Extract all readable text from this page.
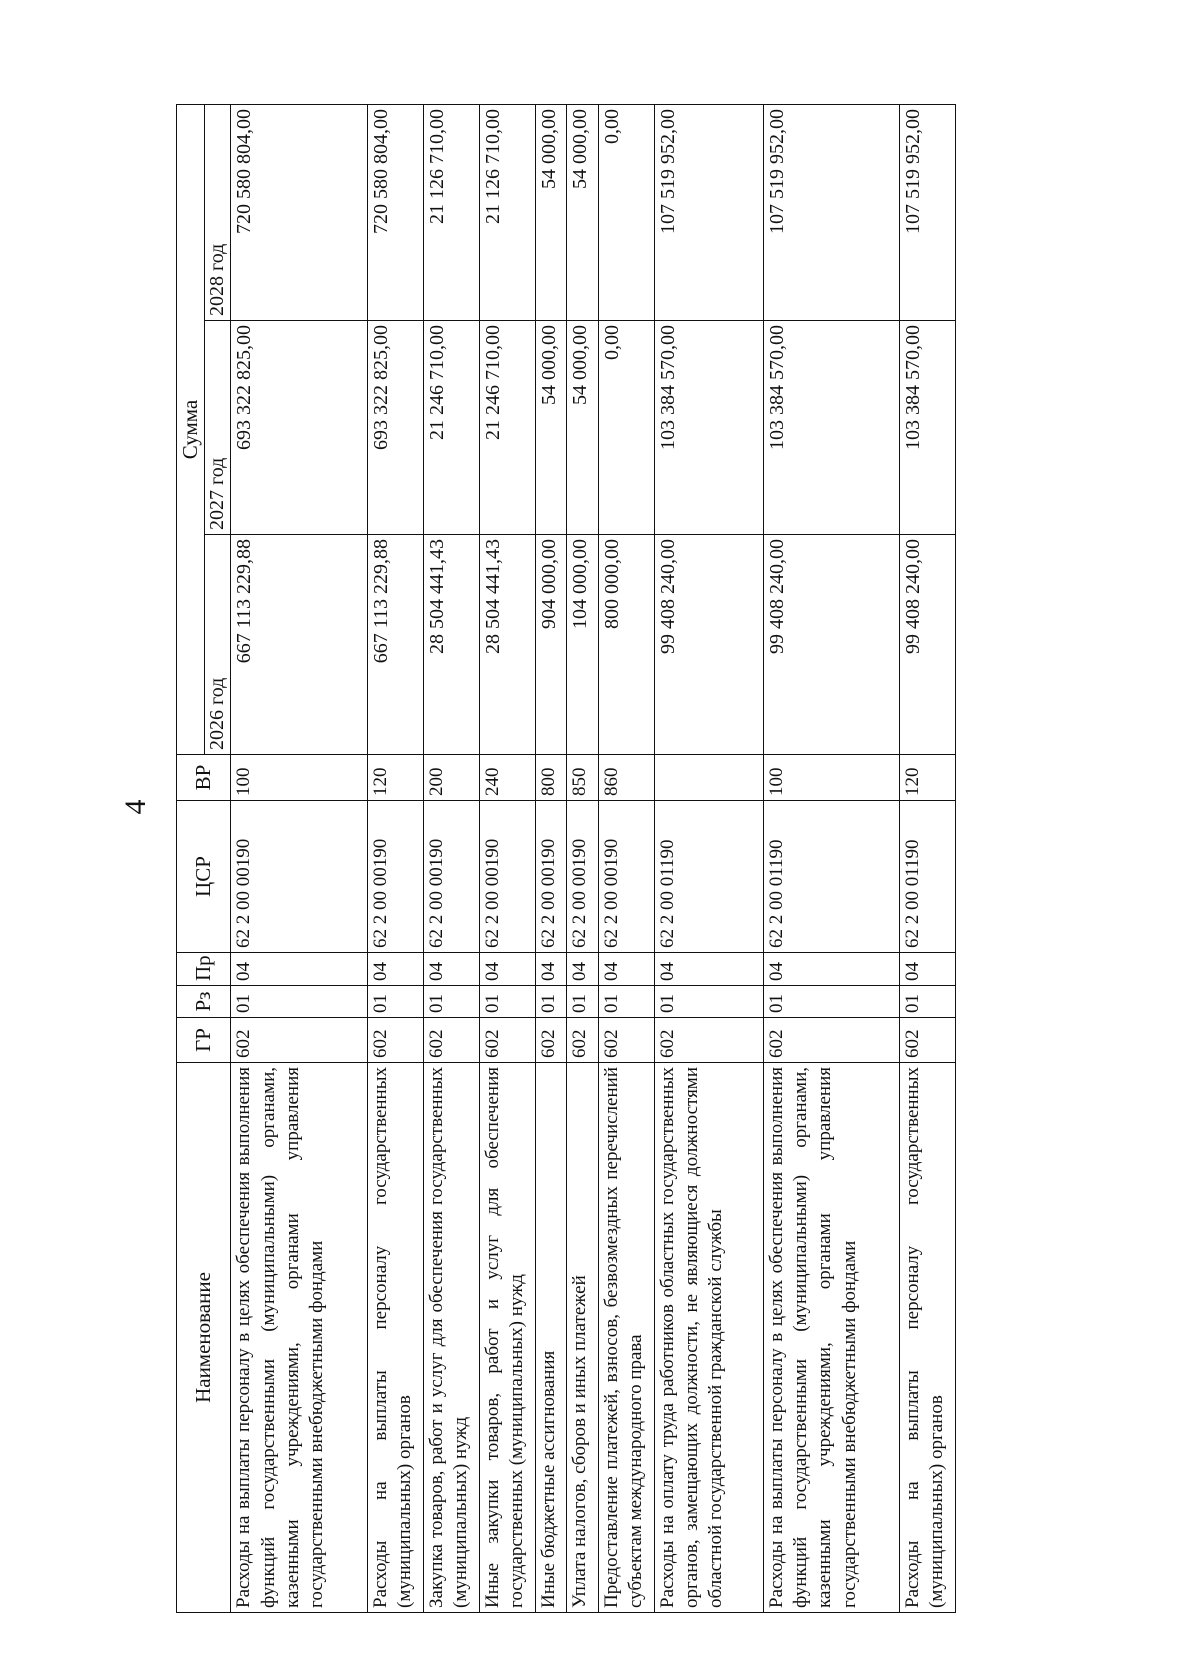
4
Наименование	ГР	Рз	Пр	ЦСР	ВР	Сумма		
						2026 год	2027 год	2028 год
Расходы на выплаты персоналу в целях обеспечения выполнения функций государственными (муниципальными) органами, казенными учреждениями, органами управления государственными внебюджетными фондами	602	01	04	62 2 00 00190	100	667 113 229,88	693 322 825,00	720 580 804,00
Расходы на выплаты персоналу государственных (муниципальных) органов	602	01	04	62 2 00 00190	120	667 113 229,88	693 322 825,00	720 580 804,00
Закупка товаров, работ и услуг для обеспечения государственных (муниципальных) нужд	602	01	04	62 2 00 00190	200	28 504 441,43	21 246 710,00	21 126 710,00
Иные закупки товаров, работ и услуг для обеспечения государственных (муниципальных) нужд	602	01	04	62 2 00 00190	240	28 504 441,43	21 246 710,00	21 126 710,00
Иные бюджетные ассигнования	602	01	04	62 2 00 00190	800	904 000,00	54 000,00	54 000,00
Уплата налогов, сборов и иных платежей	602	01	04	62 2 00 00190	850	104 000,00	54 000,00	54 000,00
Предоставление платежей, взносов, безвозмездных перечислений субъектам международного права	602	01	04	62 2 00 00190	860	800 000,00	0,00	0,00
Расходы на оплату труда работников областных государственных органов, замещающих должности, не являющиеся должностями областной государственной гражданской службы	602	01	04	62 2 00 01190		99 408 240,00	103 384 570,00	107 519 952,00
Расходы на выплаты персоналу в целях обеспечения выполнения функций государственными (муниципальными) органами, казенными учреждениями, органами управления государственными внебюджетными фондами	602	01	04	62 2 00 01190	100	99 408 240,00	103 384 570,00	107 519 952,00
Расходы на выплаты персоналу государственных (муниципальных) органов	602	01	04	62 2 00 01190	120	99 408 240,00	103 384 570,00	107 519 952,00
